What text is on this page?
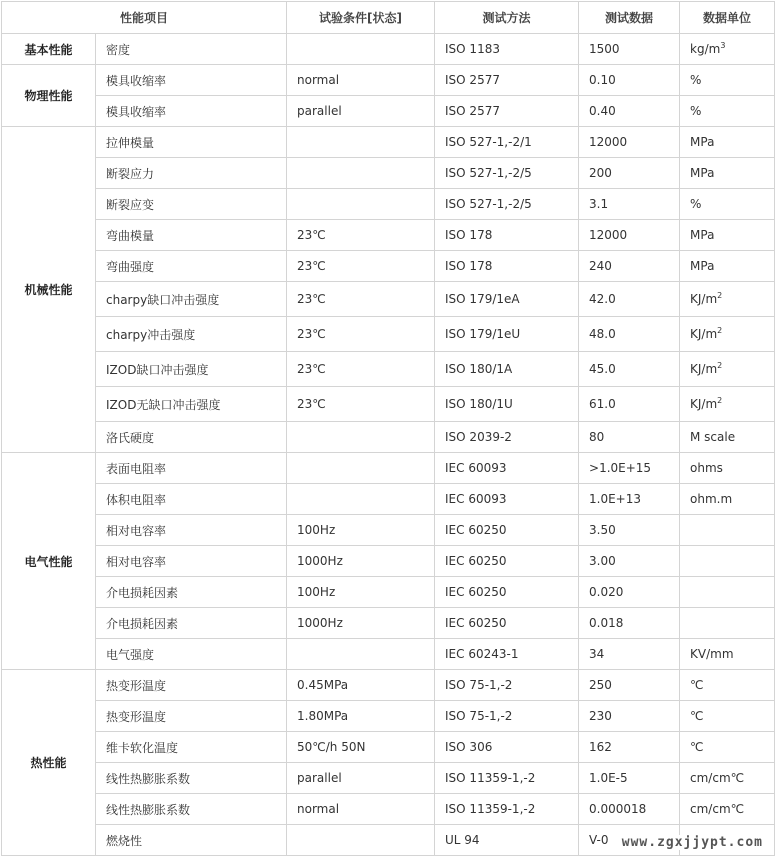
性能项目		试验条件[状态]	测试方法	测试数据	数据单位
基本性能	密度		ISO 1183	1500	$kg/m^3$
物理性能	模具收缩率	normal	ISO 2577	0.10	%
	模具收缩率	parallel	ISO 2577	0.40	%
机械性能	拉伸模量		ISO 527-1,-2/1	12000	MPa
	断裂应力		ISO 527-1,-2/5	200	MPa
	断裂应变		ISO 527-1,-2/5	3.1	%
	弯曲模量	23℃	ISO 178	12000	MPa
	弯曲强度	23℃	ISO 178	240	MPa
	charpy缺口冲击强度	23℃	ISO 179/1eA	42.0	$KJ/m^2$
	charpy冲击强度	23℃	ISO 179/1eU	48.0	$KJ/m^2$
	IZOD缺口冲击强度	23℃	ISO 180/1A	45.0	$KJ/m^2$
	IZOD无缺口冲击强度	23℃	ISO 180/1U	61.0	$KJ/m^2$
	洛氏硬度		ISO 2039-2	80	M scale
电气性能	表面电阻率		IEC 60093	>1.0E+15	ohms
	体积电阻率		IEC 60093	1.0E+13	ohm.m
	相对电容率	100Hz	IEC 60250	3.50	
	相对电容率	1000Hz	IEC 60250	3.00	
	介电损耗因素	100Hz	IEC 60250	0.020	
	介电损耗因素	1000Hz	IEC 60250	0.018	
	电气强度		IEC 60243-1	34	KV/mm
热性能	热变形温度	0.45MPa	ISO 75-1,-2	250	℃
	热变形温度	1.80MPa	ISO 75-1,-2	230	℃
	维卡软化温度	50℃/h 50N	ISO 306	162	℃
	线性热膨胀系数	parallel	ISO 11359-1,-2	1.0E-5	cm/cm℃
	线性热膨胀系数	normal	ISO 11359-1,-2	0.000018	cm/cm℃
	燃烧性		UL 94	V-0	www.zgxjjypt.com
